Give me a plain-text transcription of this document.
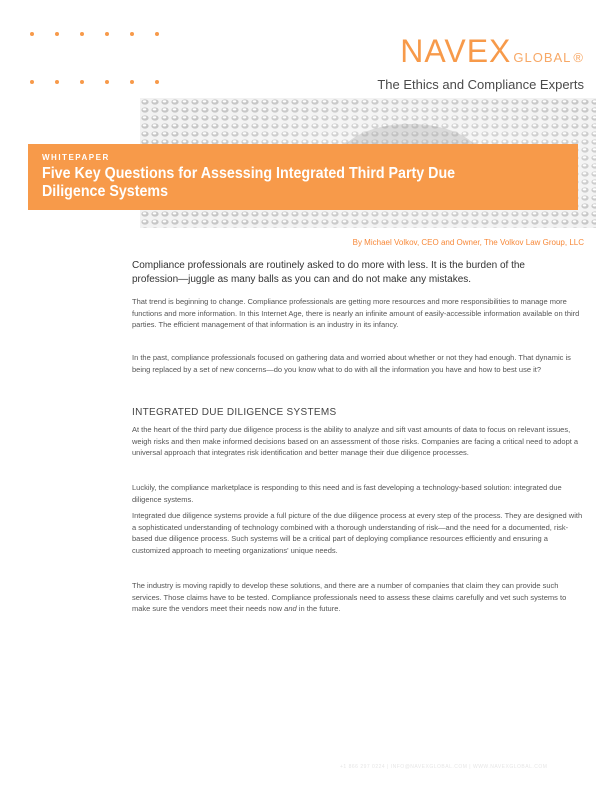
NAVEX GLOBAL ®
The Ethics and Compliance Experts
WHITEPAPER
Five Key Questions for Assessing Integrated Third Party Due Diligence Systems
By Michael Volkov, CEO and Owner, The Volkov Law Group, LLC
Compliance professionals are routinely asked to do more with less. It is the burden of the profession—juggle as many balls as you can and do not make any mistakes.
That trend is beginning to change. Compliance professionals are getting more resources and more responsibilities to manage more functions and more information. In this Internet Age, there is nearly an infinite amount of easily-accessible information available on third parties. The efficient management of that information is an industry in its infancy.
In the past, compliance professionals focused on gathering data and worried about whether or not they had enough. That dynamic is being replaced by a set of new concerns—do you know what to do with all the information you have and how to best use it?
INTEGRATED DUE DILIGENCE SYSTEMS
At the heart of the third party due diligence process is the ability to analyze and sift vast amounts of data to focus on relevant issues, weigh risks and then make informed decisions based on an assessment of those risks. Companies are facing a critical need to adopt a universal approach that integrates risk identification and better manage their due diligence processes.
Luckily, the compliance marketplace is responding to this need and is fast developing a technology-based solution: integrated due diligence systems.
Integrated due diligence systems provide a full picture of the due diligence process at every step of the process. They are designed with a sophisticated understanding of technology combined with a thorough understanding of risk—and the need for a documented, risk-based due diligence process. Such systems will be a critical part of deploying compliance resources efficiently and ensuring a customized approach to meeting organizations' unique needs.
The industry is moving rapidly to develop these solutions, and there are a number of companies that claim they can provide such services. Those claims have to be tested. Compliance professionals need to assess these claims carefully and vet such systems to make sure the vendors meet their needs now and in the future.
+1 866 297 0224 | INFO@NAVEXGLOBAL.COM | WWW.NAVEXGLOBAL.COM
